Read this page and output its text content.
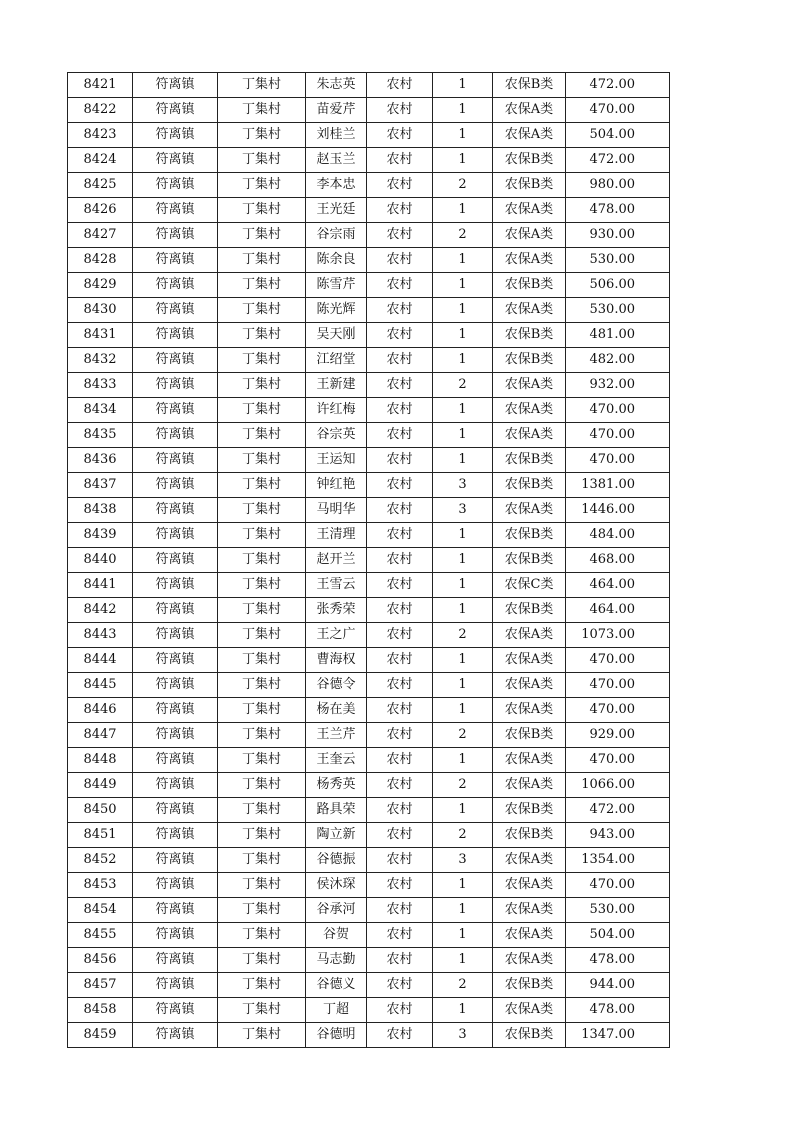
8421	符离镇	丁集村	朱志英	农村	1	农保B类	472.00
8422	符离镇	丁集村	苗爱芹	农村	1	农保A类	470.00
8423	符离镇	丁集村	刘桂兰	农村	1	农保A类	504.00
8424	符离镇	丁集村	赵玉兰	农村	1	农保B类	472.00
8425	符离镇	丁集村	李本忠	农村	2	农保B类	980.00
8426	符离镇	丁集村	王光廷	农村	1	农保A类	478.00
8427	符离镇	丁集村	谷宗雨	农村	2	农保A类	930.00
8428	符离镇	丁集村	陈余良	农村	1	农保A类	530.00
8429	符离镇	丁集村	陈雪芹	农村	1	农保B类	506.00
8430	符离镇	丁集村	陈光辉	农村	1	农保A类	530.00
8431	符离镇	丁集村	吴天刚	农村	1	农保B类	481.00
8432	符离镇	丁集村	江绍堂	农村	1	农保B类	482.00
8433	符离镇	丁集村	王新建	农村	2	农保A类	932.00
8434	符离镇	丁集村	许红梅	农村	1	农保A类	470.00
8435	符离镇	丁集村	谷宗英	农村	1	农保A类	470.00
8436	符离镇	丁集村	王运知	农村	1	农保B类	470.00
8437	符离镇	丁集村	钟红艳	农村	3	农保B类	1381.00
8438	符离镇	丁集村	马明华	农村	3	农保A类	1446.00
8439	符离镇	丁集村	王清理	农村	1	农保B类	484.00
8440	符离镇	丁集村	赵开兰	农村	1	农保B类	468.00
8441	符离镇	丁集村	王雪云	农村	1	农保C类	464.00
8442	符离镇	丁集村	张秀荣	农村	1	农保B类	464.00
8443	符离镇	丁集村	王之广	农村	2	农保A类	1073.00
8444	符离镇	丁集村	曹海权	农村	1	农保A类	470.00
8445	符离镇	丁集村	谷德令	农村	1	农保A类	470.00
8446	符离镇	丁集村	杨在美	农村	1	农保A类	470.00
8447	符离镇	丁集村	王兰芹	农村	2	农保B类	929.00
8448	符离镇	丁集村	王奎云	农村	1	农保A类	470.00
8449	符离镇	丁集村	杨秀英	农村	2	农保A类	1066.00
8450	符离镇	丁集村	路具荣	农村	1	农保B类	472.00
8451	符离镇	丁集村	陶立新	农村	2	农保B类	943.00
8452	符离镇	丁集村	谷德振	农村	3	农保A类	1354.00
8453	符离镇	丁集村	侯沐琛	农村	1	农保A类	470.00
8454	符离镇	丁集村	谷承河	农村	1	农保A类	530.00
8455	符离镇	丁集村	谷贺	农村	1	农保A类	504.00
8456	符离镇	丁集村	马志勤	农村	1	农保A类	478.00
8457	符离镇	丁集村	谷德义	农村	2	农保B类	944.00
8458	符离镇	丁集村	丁超	农村	1	农保A类	478.00
8459	符离镇	丁集村	谷德明	农村	3	农保B类	1347.00
